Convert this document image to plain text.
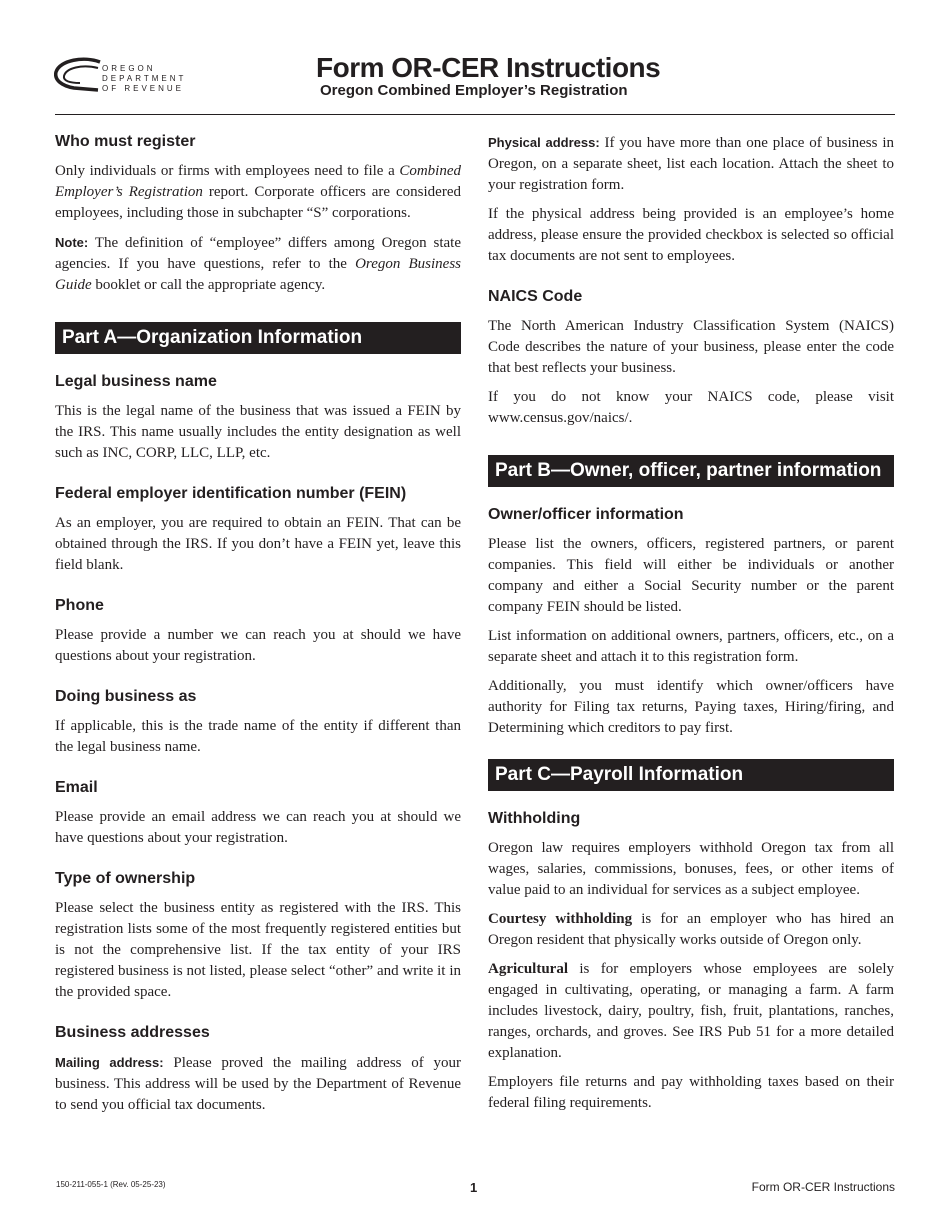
OREGON
DEPARTMENT
OF REVENUE
Form OR-CER Instructions
Oregon Combined Employer’s Registration
Who must register

Only individuals or firms with employees need to file a Combined Employer’s Registration report. Corporate officers are considered employees, including those in subchapter “S” corporations.

Note: The definition of “employee” differs among Oregon state agencies. If you have questions, refer to the Oregon Business Guide booklet or call the appropriate agency.

Part A—Organization Information
Legal business name

This is the legal name of the business that was issued a FEIN by the IRS. This name usually includes the entity designation as well such as INC, CORP, LLC, LLP, etc.

Federal employer identification number (FEIN)

As an employer, you are required to obtain an FEIN. That can be obtained through the IRS. If you don’t have a FEIN yet, leave this field blank.

Phone

Please provide a number we can reach you at should we have questions about your registration.

Doing business as

If applicable, this is the trade name of the entity if different than the legal business name.

Email

Please provide an email address we can reach you at should we have questions about your registration.

Type of ownership

Please select the business entity as registered with the IRS. This registration lists some of the most frequently registered entities but is not the comprehensive list. If the tax entity of your IRS registered business is not listed, please select “other” and write it in the provided space.

Business addresses

Mailing address: Please proved the mailing address of your business. This address will be used by the Department of Revenue to send you official tax documents.

Physical address: If you have more than one place of business in Oregon, on a separate sheet, list each location. Attach the sheet to your registration form.

If the physical address being provided is an employee’s home address, please ensure the provided checkbox is selected so official tax documents are not sent to employees.

NAICS Code

The North American Industry Classification System (NAICS) Code describes the nature of your business, please enter the code that best reflects your business.

If you do not know your NAICS code, please visit www.census.gov/naics/.

Part B—Owner, officer, partner information
Owner/officer information

Please list the owners, officers, registered partners, or parent companies. This field will either be individuals or another company and either a Social Security number or the parent company FEIN should be listed.

List information on additional owners, partners, officers, etc., on a separate sheet and attach it to this registration form.

Additionally, you must identify which owner/officers have authority for Filing tax returns, Paying taxes, Hiring/firing, and Determining which creditors to pay first.

Part C—Payroll Information
Withholding

Oregon law requires employers withhold Oregon tax from all wages, salaries, commissions, bonuses, fees, or other items of value paid to an individual for services as a subject employee.

Courtesy withholding is for an employer who has hired an Oregon resident that physically works outside of Oregon only.

Agricultural is for employers whose employees are solely engaged in cultivating, operating, or managing a farm. A farm includes livestock, dairy, poultry, fish, fruit, plantations, ranches, ranges, orchards, and groves. See IRS Pub 51 for a more detailed explanation.

Employers file returns and pay withholding taxes based on their federal filing requirements.

150-211-055-1 (Rev. 05-25-23)	1	Form OR-CER Instructions
